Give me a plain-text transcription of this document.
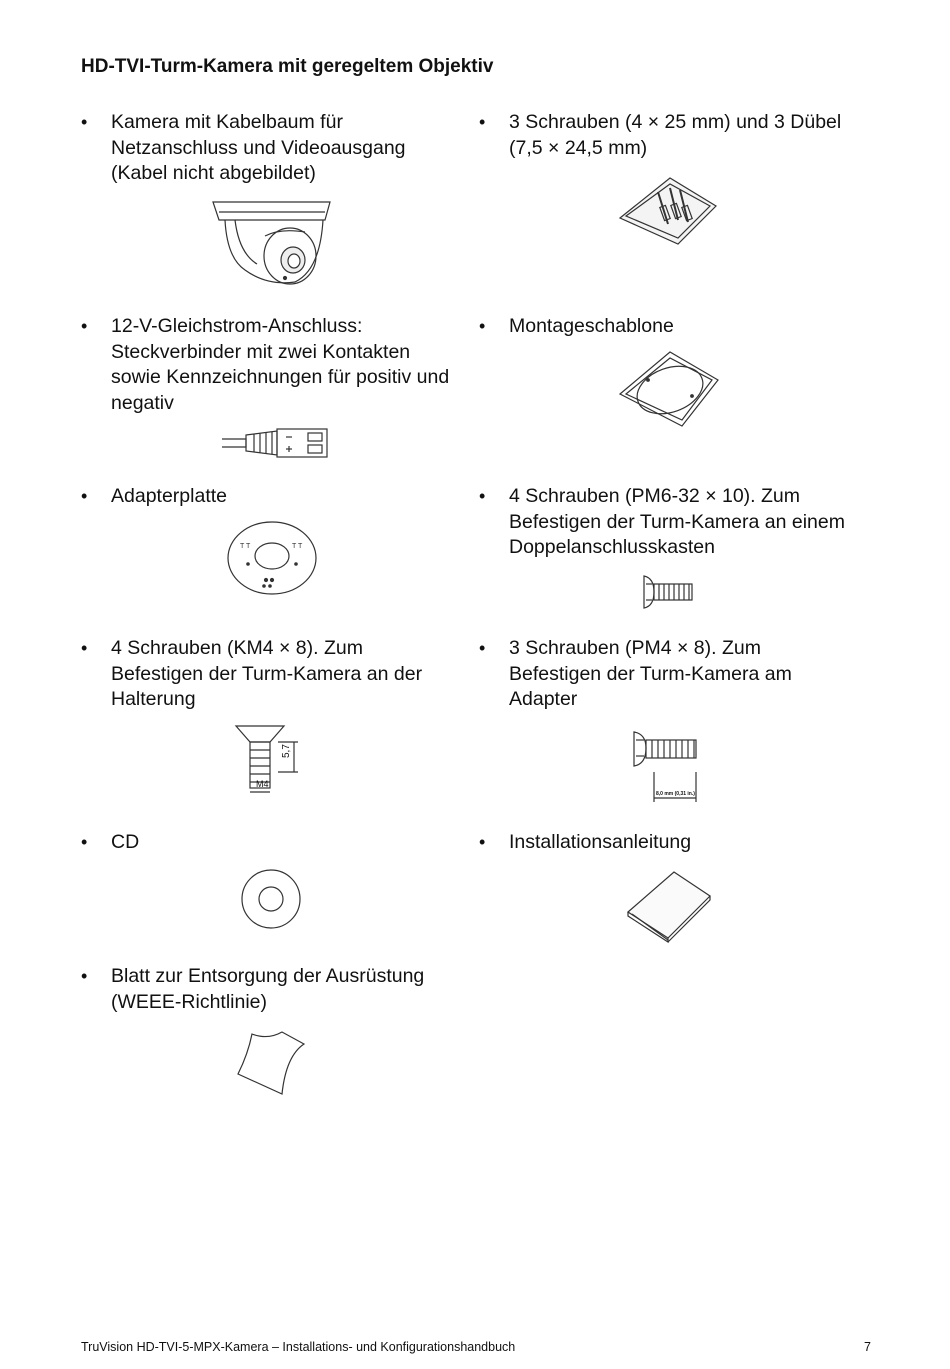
HD-TVI-Turm-Kamera mit geregeltem Objektiv
• Kamera mit Kabelbaum für Netzanschluss und Videoausgang (Kabel nicht abgebildet)
• 3 Schrauben (4 × 25 mm) und 3 Dübel (7,5 × 24,5 mm)
• 12-V-Gleichstrom-Anschluss: Steckverbinder mit zwei Kontakten sowie Kennzeichnungen für positiv und negativ
• Montageschablone
• Adapterplatte
T T	T T
• 4 Schrauben (PM6-32 × 10). Zum Befestigen der Turm-Kamera an einem Doppelanschlusskasten
• 4 Schrauben (KM4 × 8). Zum Befestigen der Turm-Kamera an der Halterung
5,7
M4
• 3 Schrauben (PM4 × 8). Zum Befestigen der Turm-Kamera am Adapter
8,0 mm (0,31 in.)
• CD	• Installationsanleitung
• Blatt zur Entsorgung der Ausrüstung (WEEE-Richtlinie)
TruVision HD-TVI-5-MPX-Kamera – Installations- und Konfigurationshandbuch	7
